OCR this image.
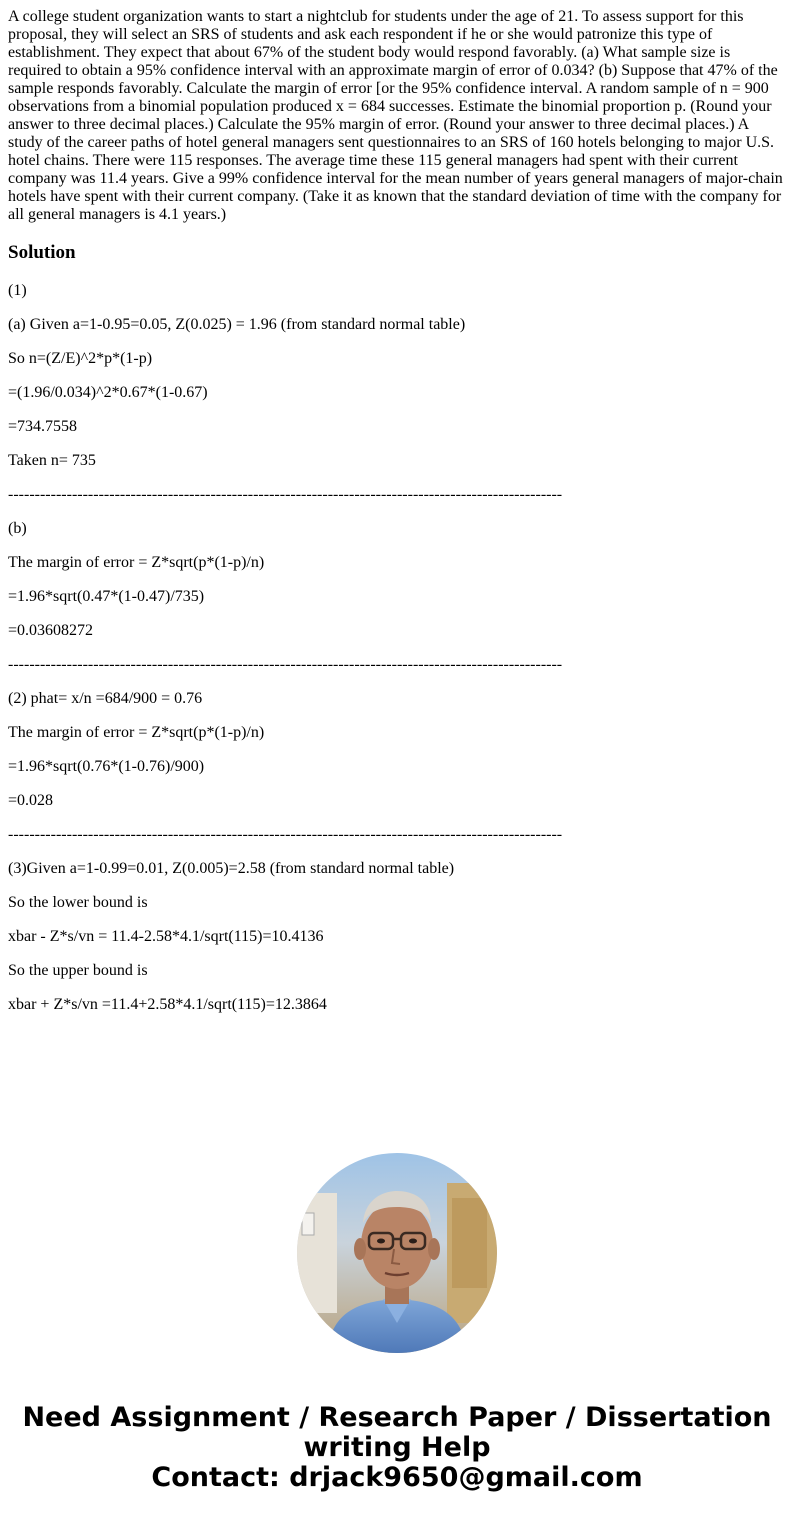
A college student organization wants to start a nightclub for students under the age of 21. To assess support for this proposal, they will select an SRS of students and ask each respondent if he or she would patronize this type of establishment. They expect that about 67% of the student body would respond favorably. (a) What sample size is required to obtain a 95% confidence interval with an approximate margin of error of 0.034? (b) Suppose that 47% of the sample responds favorably. Calculate the margin of error [or the 95% confidence interval. A random sample of n = 900 observations from a binomial population produced x = 684 successes. Estimate the binomial proportion p. (Round your answer to three decimal places.) Calculate the 95% margin of error. (Round your answer to three decimal places.) A study of the career paths of hotel general managers sent questionnaires to an SRS of 160 hotels belonging to major U.S. hotel chains. There were 115 responses. The average time these 115 general managers had spent with their current company was 11.4 years. Give a 99% confidence interval for the mean number of years general managers of major-chain hotels have spent with their current company. (Take it as known that the standard deviation of time with the company for all general managers is 4.1 years.)

Solution
(1)
(a) Given a=1-0.95=0.05, Z(0.025) = 1.96 (from standard normal table)
So n=(Z/E)^2*p*(1-p)
=(1.96/0.034)^2*0.67*(1-0.67)
=734.7558
Taken n= 735
--------------------------------------------------------------------------------------------------------
(b)
The margin of error = Z*sqrt(p*(1-p)/n)
=1.96*sqrt(0.47*(1-0.47)/735)
=0.03608272
--------------------------------------------------------------------------------------------------------
(2) phat= x/n =684/900 = 0.76
The margin of error = Z*sqrt(p*(1-p)/n)
=1.96*sqrt(0.76*(1-0.76)/900)
=0.028
--------------------------------------------------------------------------------------------------------
(3)Given a=1-0.99=0.01, Z(0.005)=2.58 (from standard normal table)
So the lower bound is
xbar - Z*s/vn = 11.4-2.58*4.1/sqrt(115)=10.4136
So the upper bound is
xbar + Z*s/vn =11.4+2.58*4.1/sqrt(115)=12.3864
Need Assignment / Research Paper / Dissertation
writing Help
Contact: drjack9650@gmail.com
